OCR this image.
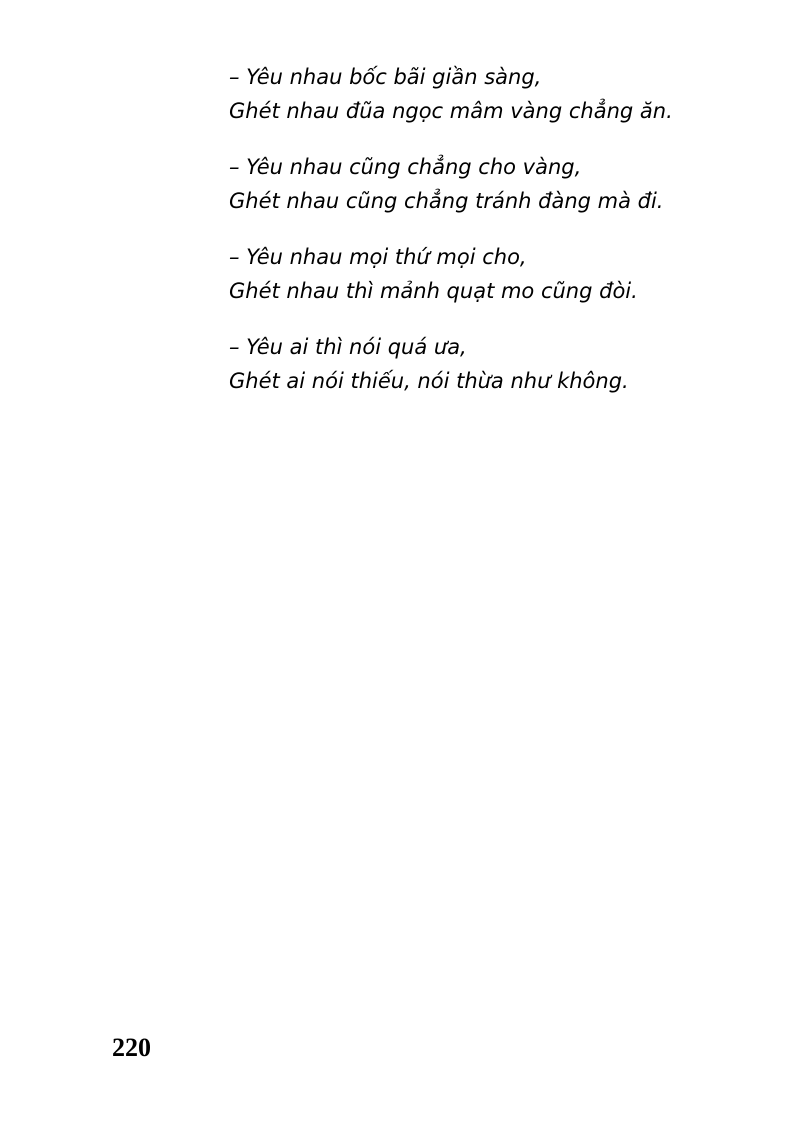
– Yêu nhau bốc bãi giần sàng,
Ghét nhau đũa ngọc mâm vàng chẳng ăn.
– Yêu nhau cũng chẳng cho vàng,
Ghét nhau cũng chẳng tránh đàng mà đi.
– Yêu nhau mọi thứ mọi cho,
Ghét nhau thì mảnh quạt mo cũng đòi.
– Yêu ai thì nói quá ưa,
Ghét ai nói thiếu, nói thừa như không.
220
